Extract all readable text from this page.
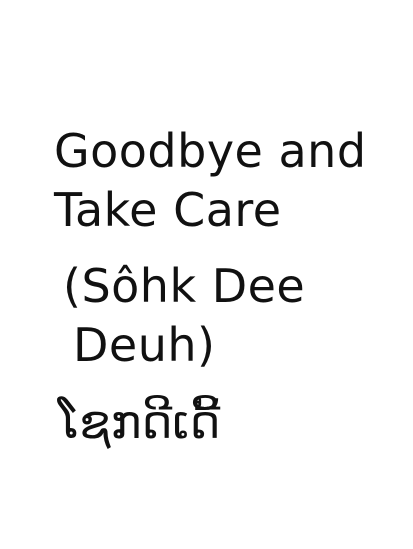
Goodbye and
Take Care
(Sôhk Dee
Deuh)
ໂຊກດີເດີ້
